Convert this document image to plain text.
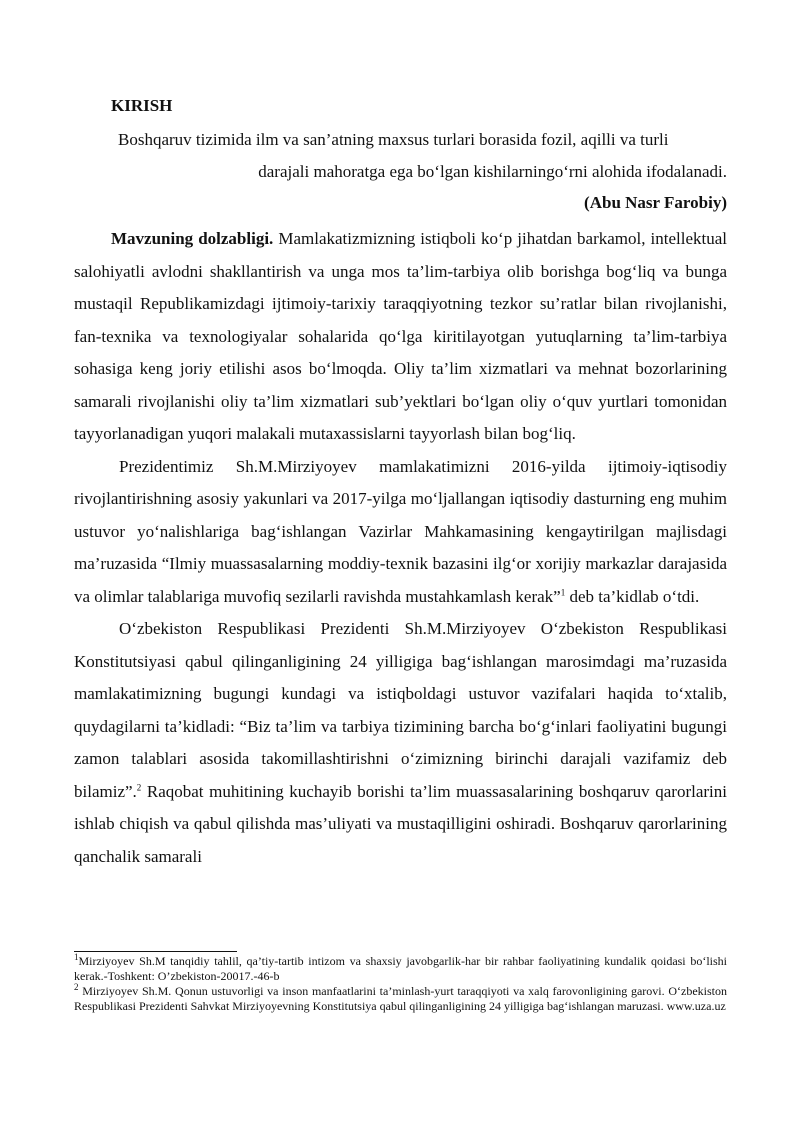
KIRISH
Boshqaruv tizimida ilm va san’atning maxsus turlari borasida fozil, aqilli va turli
darajali mahoratga ega bo‘lgan kishilarningo‘rni alohida ifodalanadi.
(Abu Nasr Farobiy)

Mavzuning dolzabligi. Mamlakatizmizning istiqboli ko‘p jihatdan barkamol, intellektual salohiyatli avlodni shakllantirish va unga mos ta’lim-tarbiya olib borishga bog‘liq va bunga mustaqil Republikamizdagi ijtimoiy-tarixiy taraqqiyotning tezkor su’ratlar bilan rivojlanishi, fan-texnika va texnologiyalar sohalarida qo‘lga kiritilayotgan yutuqlarning ta’lim-tarbiya sohasiga keng joriy etilishi asos bo‘lmoqda. Oliy ta’lim xizmatlari va mehnat bozorlarining samarali rivojlanishi oliy ta’lim xizmatlari sub’yektlari bo‘lgan oliy o‘quv yurtlari tomonidan tayyorlanadigan yuqori malakali mutaxassislarni tayyorlash bilan bog‘liq.

Prezidentimiz Sh.M.Mirziyoyev mamlakatimizni 2016-yilda ijtimoiy-iqtisodiy rivojlantirishning asosiy yakunlari va 2017-yilga mo‘ljallangan iqtisodiy dasturning eng muhim ustuvor yo‘nalishlariga bag‘ishlangan Vazirlar Mahkamasining kengaytirilgan majlisdagi ma’ruzasida “Ilmiy muassasalarning moddiy-texnik bazasini ilg‘or xorijiy markazlar darajasida va olimlar talablariga muvofiq sezilarli ravishda mustahkamlash kerak”$^1$ deb ta’kidlab o‘tdi.

O‘zbekiston Respublikasi Prezidenti Sh.M.Mirziyoyev O‘zbekiston Respublikasi Konstitutsiyasi qabul qilinganligining 24 yilligiga bag‘ishlangan marosimdagi ma’ruzasida mamlakatimizning bugungi kundagi va istiqboldagi ustuvor vazifalari haqida to‘xtalib, quydagilarni ta’kidladi: “Biz ta’lim va tarbiya tizimining barcha bo‘g‘inlari faoliyatini bugungi zamon talablari asosida takomillashtirishni o‘zimizning birinchi darajali vazifamiz deb bilamiz”.$^2$ Raqobat muhitining kuchayib borishi ta’lim muassasalarining boshqaruv qarorlarini ishlab chiqish va qabul qilishda mas’uliyati va mustaqilligini oshiradi. Boshqaruv qarorlarining qanchalik samarali

$^1$Mirziyoyev Sh.M tanqidiy tahlil, qa’tiy-tartib intizom va shaxsiy javobgarlik-har bir rahbar faoliyatining kundalik qoidasi bo‘lishi kerak.-Toshkent: O’zbekiston-20017.-46-b

$^2$ Mirziyoyev Sh.M. Qonun ustuvorligi va inson manfaatlarini ta’minlash-yurt taraqqiyoti va xalq farovonligining garovi. O‘zbekiston Respublikasi Prezidenti Sahvkat Mirziyoyevning Konstitutsiya qabul qilinganligining 24 yilligiga bag‘ishlangan maruzasi. www.uza.uz
